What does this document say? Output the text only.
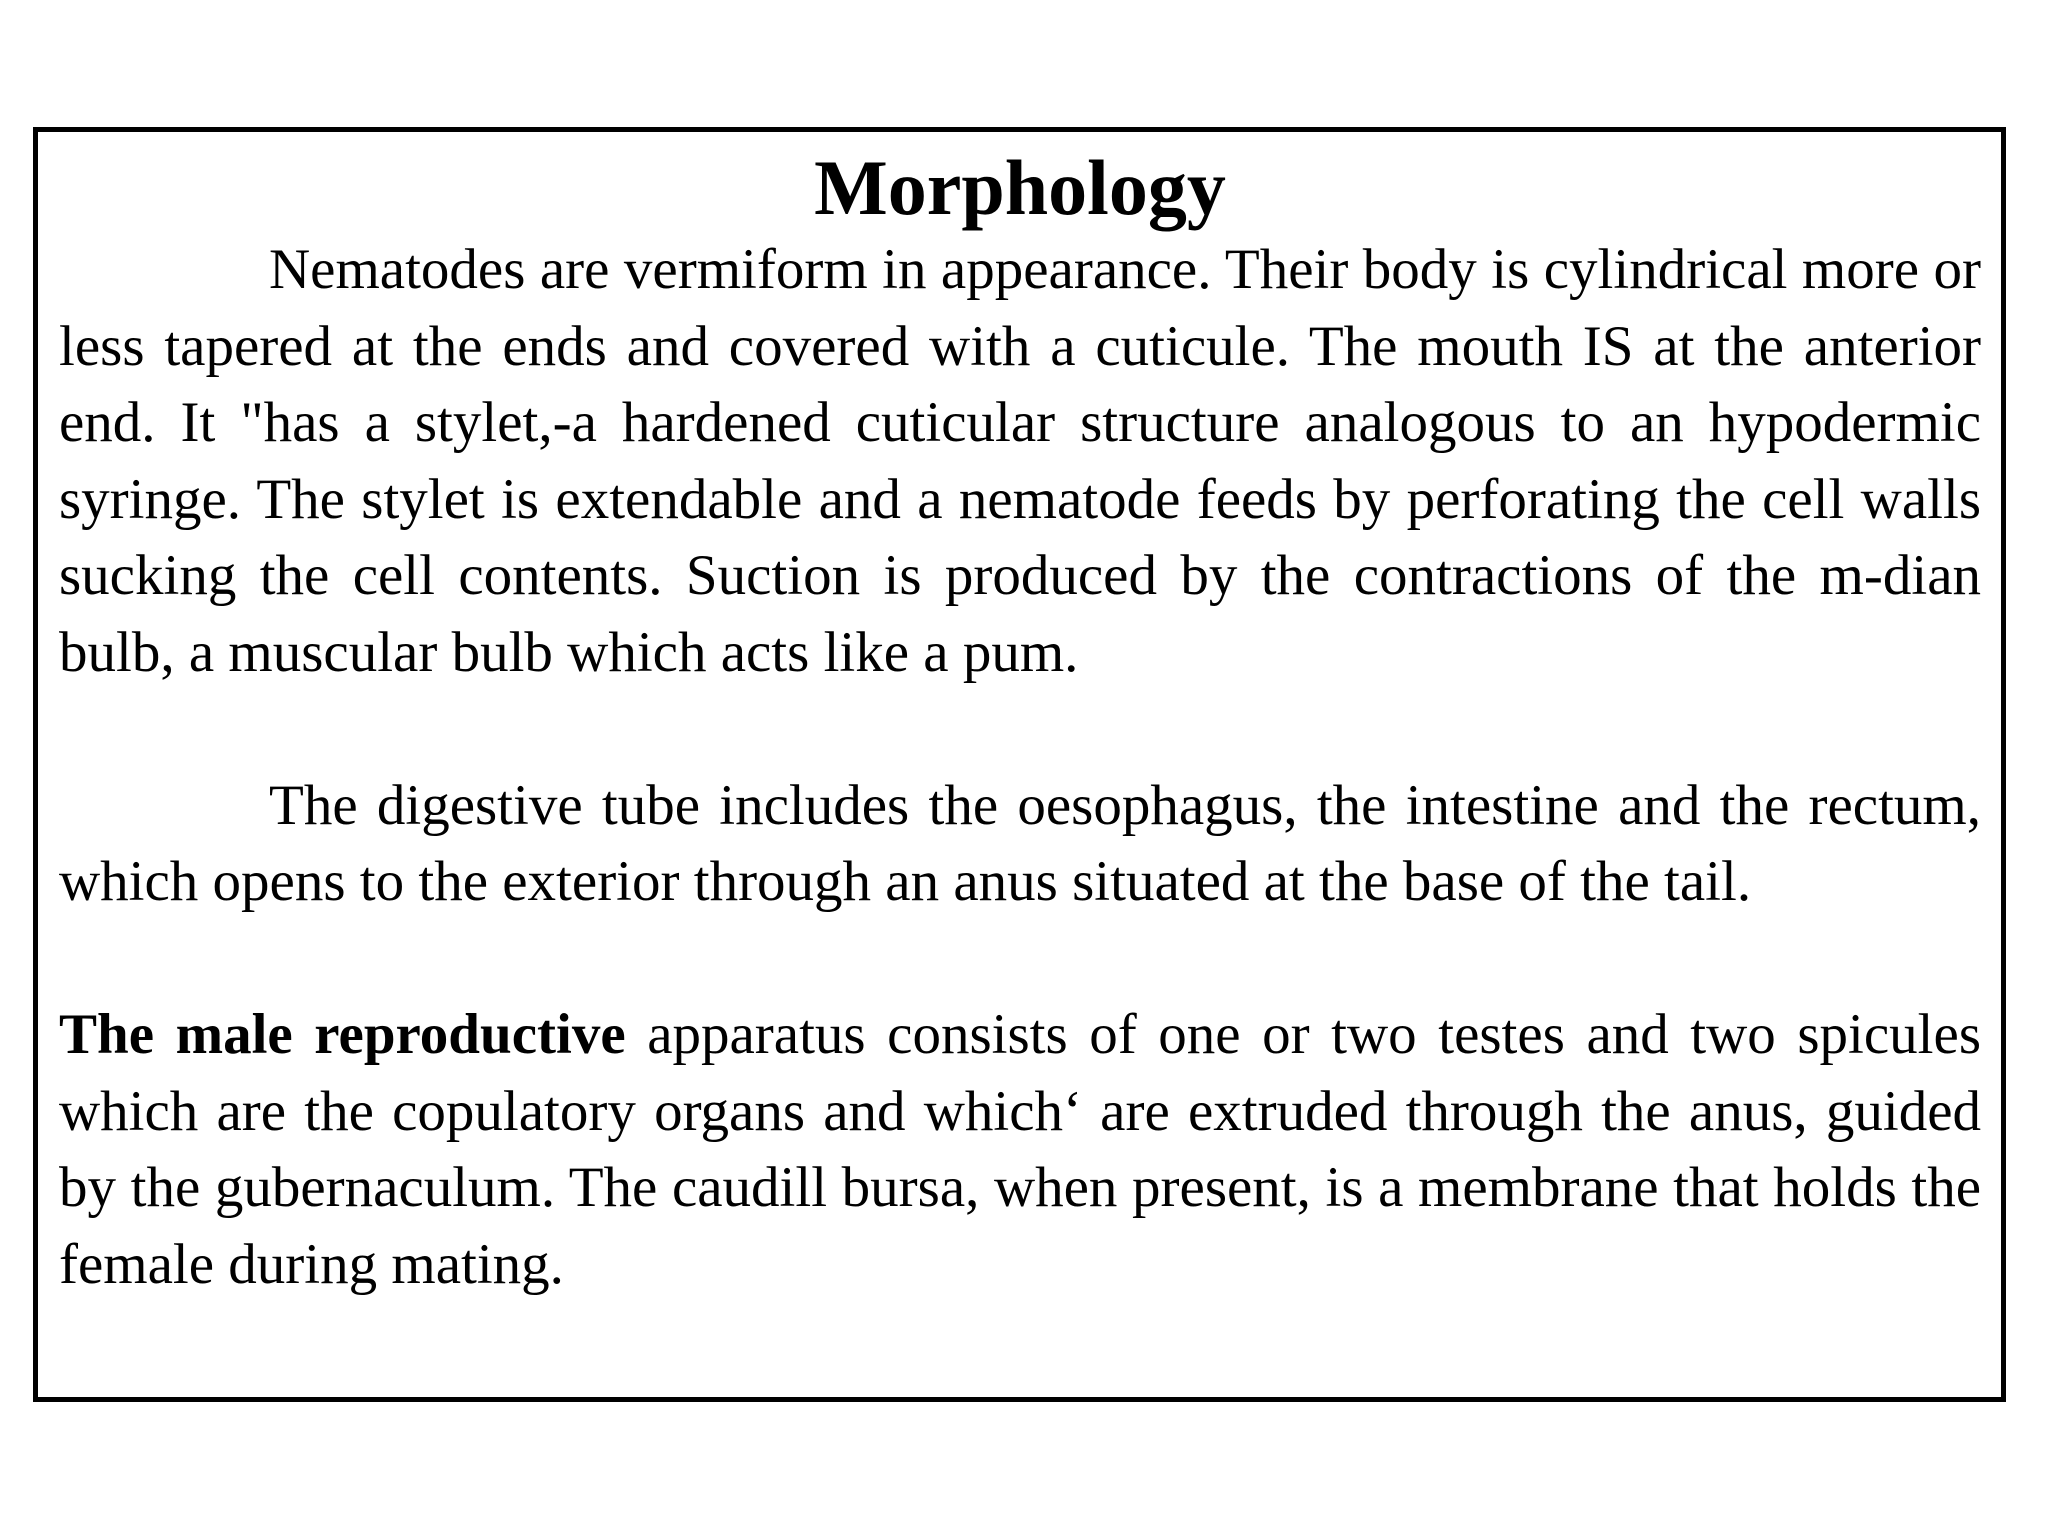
Morphology

Nematodes are vermiform in appearance. Their body is cylindrical more or less tapered at the ends and covered with a cuticule. The mouth IS at the anterior end. It "has a stylet,-a hardened cuticular structure analogous to an hypodermic syringe. The stylet is extendable and a nematode feeds by perforating the cell walls sucking the cell contents. Suction is produced by the contractions of the m-dian bulb, a muscular bulb which acts like a pum.

The digestive tube includes the oesophagus, the intestine and the rectum, which opens to the exterior through an anus situated at the base of the tail.

The male reproductive apparatus consists of one or two testes and two spicules which are the copulatory organs and which‘ are extruded through the anus, guided by the gubernaculum. The caudill bursa, when present, is a membrane that holds the female during mating.
